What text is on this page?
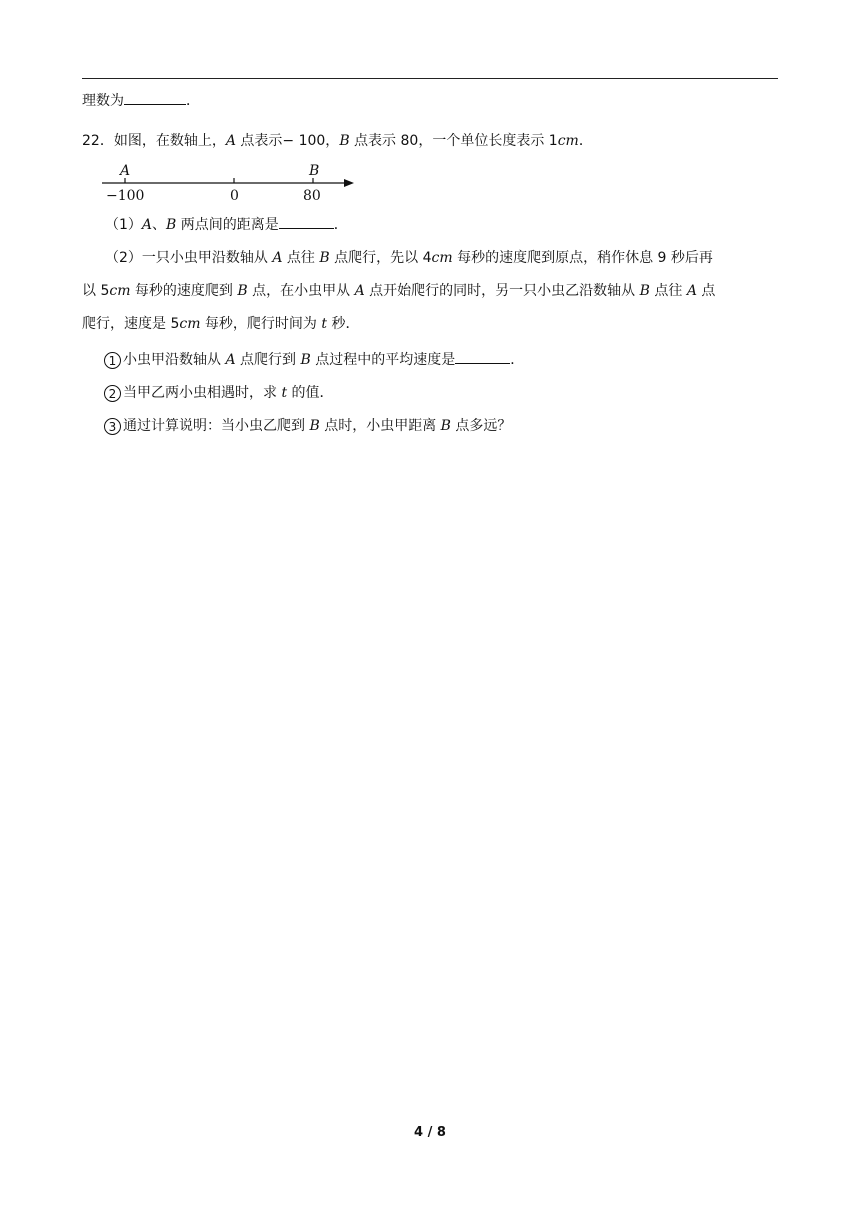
理数为	．
22．如图，在数轴上，A 点表示− 100，B 点表示 80，一个单位长度表示 1cm．
A	B
−100	0	80
（1）A、B 两点间的距离是	．
（2）一只小虫甲沿数轴从 A 点往 B 点爬行，先以 4cm 每秒的速度爬到原点，稍作休息 9 秒后再
以 5cm 每秒的速度爬到 B 点，在小虫甲从 A 点开始爬行的同时，另一只小虫乙沿数轴从 B 点往 A 点
爬行，速度是 5cm 每秒，爬行时间为 t 秒．
1 小虫甲沿数轴从 A 点爬行到 B 点过程中的平均速度是	．
2 当甲乙两小虫相遇时，求 t 的值．
3 通过计算说明：当小虫乙爬到 B 点时，小虫甲距离 B 点多远？
4 / 8
